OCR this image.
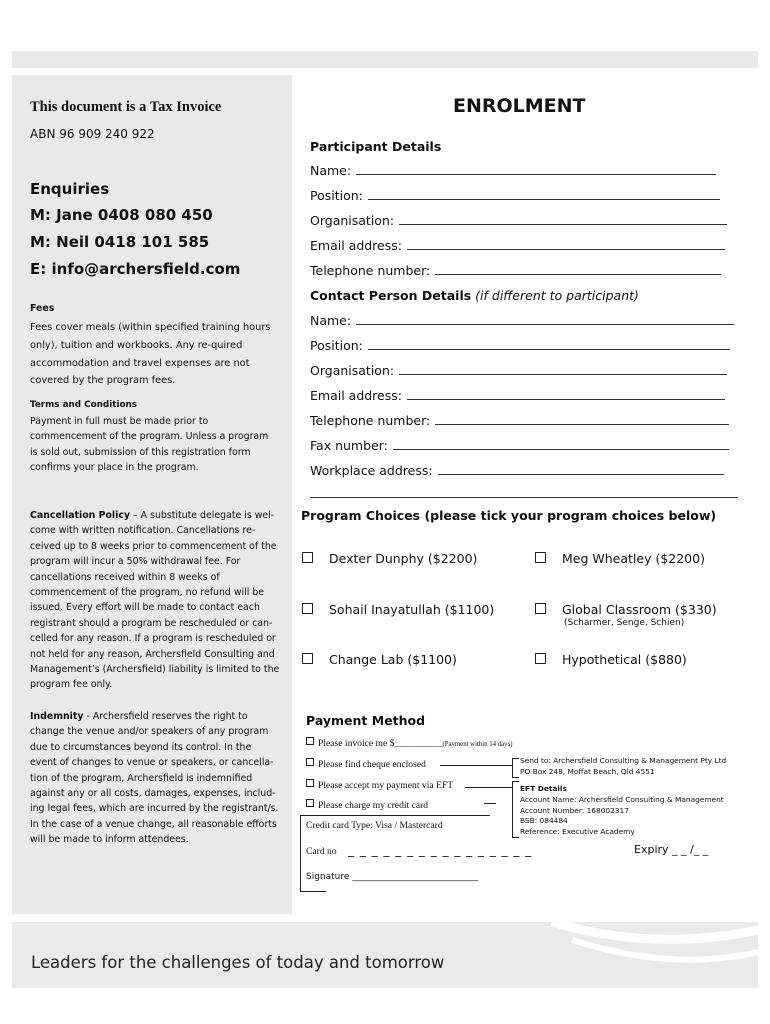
This document is a Tax Invoice
ABN 96 909 240 922
Enquiries
M: Jane 0408 080 450
M: Neil 0418 101 585
E: info@archersfield.com
Fees
Fees cover meals (within specified training hours only), tuition and workbooks. Any re-quired accommodation and travel expenses are not covered by the program fees.
Terms and Conditions
Payment in full must be made prior to commencement of the program. Unless a program is sold out, submission of this registration form confirms your place in the program.
Cancellation Policy – A substitute delegate is wel-come with written notification. Cancellations re-ceived up to 8 weeks prior to commencement of the program will incur a 50% withdrawal fee. For cancellations received within 8 weeks of commencement of the program, no refund will be issued. Every effort will be made to contact each registrant should a program be rescheduled or can-celled for any reason. If a program is rescheduled or not held for any reason, Archersfield Consulting and Management’s (Archersfield) liability is limited to the program fee only.
Indemnity - Archersfield reserves the right to change the venue and/or speakers of any program due to circumstances beyond its control. In the event of changes to venue or speakers, or cancella-tion of the program, Archersfield is indemnified against any or all costs, damages, expenses, includ-ing legal fees, which are incurred by the registrant/s. In the case of a venue change, all reasonable efforts will be made to inform attendees.
ENROLMENT
Participant Details
Name:
Position:
Organisation:
Email address:
Telephone number:
Contact Person Details (if different to participant)
Name:
Position:
Organisation:
Email address:
Telephone number:
Fax number:
Workplace address:
Program Choices (please tick your program choices below)
Dexter Dunphy ($2200)	Meg Wheatley ($2200)
Sohail Inayatullah ($1100)	Global Classroom ($330)
(Scharmer, Senge, Schien)
Change Lab ($1100)	Hypothetical ($880)
Payment Method
Please invoice me $__________(Payment within 14 days)
Please find cheque enclosed
Please accept my payment via EFT
Please charge my credit card
Send to: Archersfield Consulting & Management Pty Ltd
PO Box 248, Moffat Beach, Qld 4551
EFT Details
Account Name: Archersfield Consulting & Management
Account Number: 168002317
BSB: 084484
Reference: Executive Academy
Credit card Type: Visa / Mastercard
Card no _ _ _ _ _ _ _ _ _ _ _ _ _ _ _ _	Expiry _ _ /_ _
Signature ____________________________
Leaders for the challenges of today and tomorrow
